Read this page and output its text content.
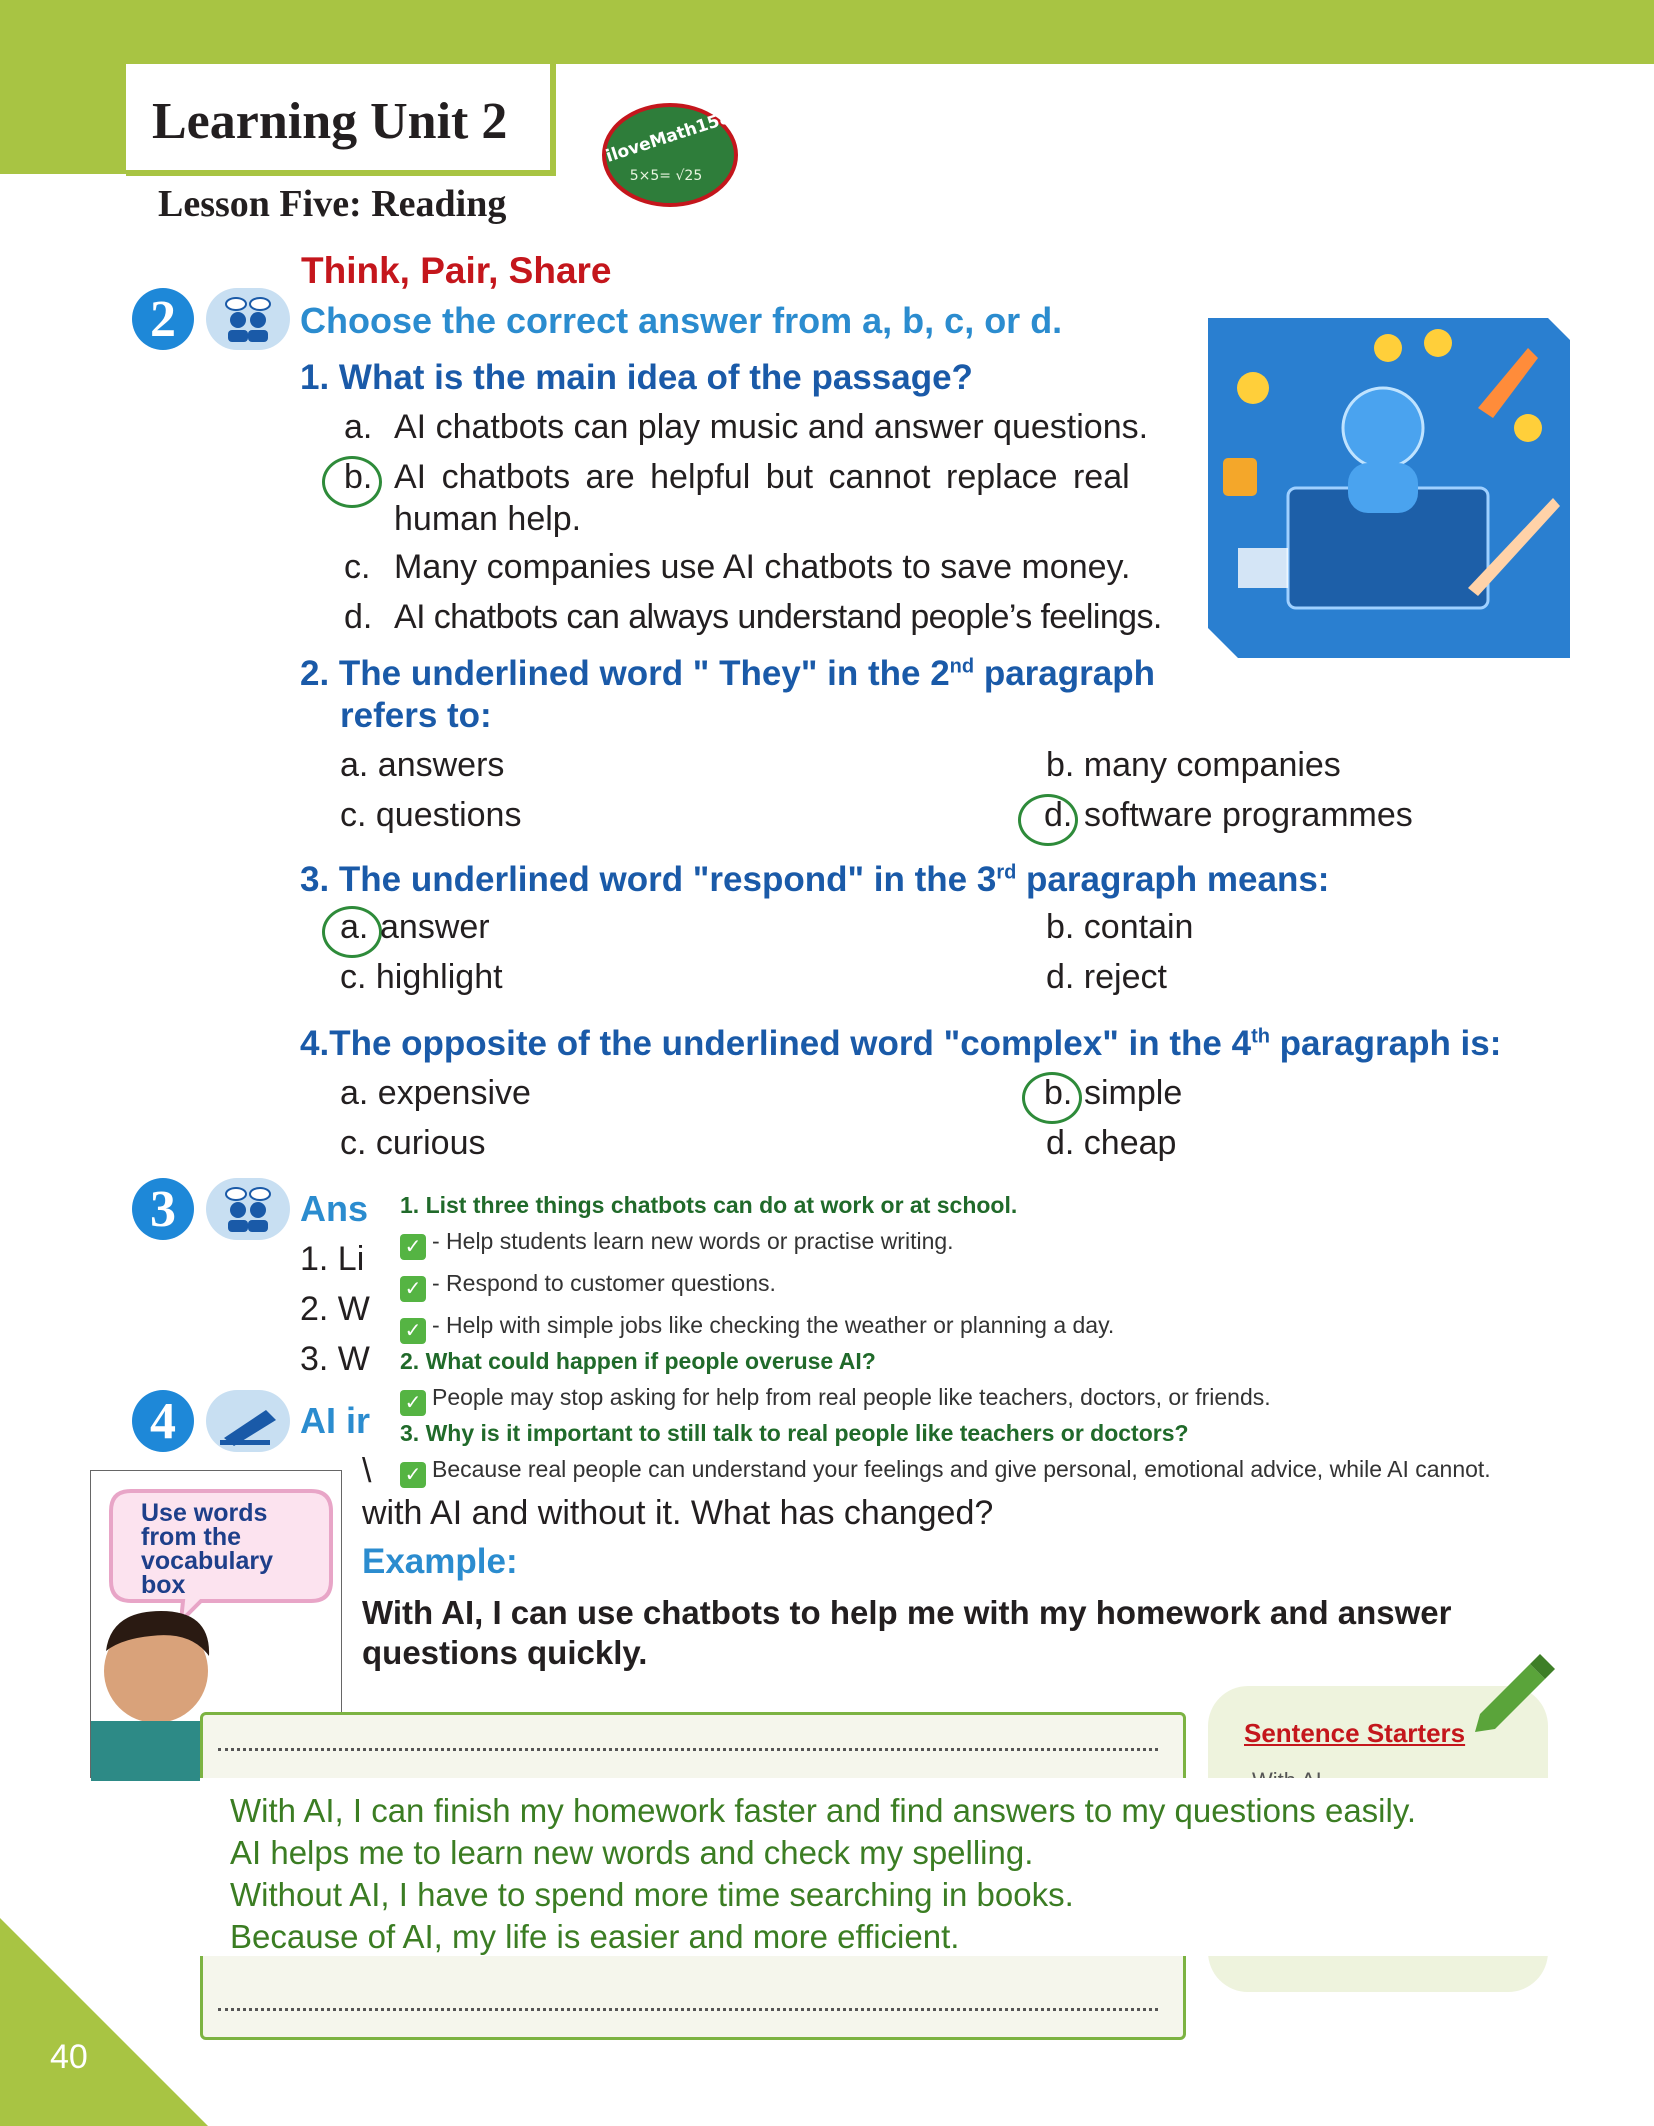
Learning Unit 2
Lesson Five: Reading
iloveMath158
5×5= √25
Think, Pair, Share
2	Choose the correct answer from a, b, c, or d.
1. What is the main idea of the passage?
a. AI chatbots can play music and answer questions.
b. AI chatbots are helpful but cannot replace real
human help.
c. Many companies use AI chatbots to save money.
d. AI chatbots can always understand people’s feelings.
2. The underlined word " They" in the 2nd paragraph
refers to:
a. answers	b. many companies
c. questions	d. software programmes
3. The underlined word "respond" in the 3rd paragraph means:
a. answer	b. contain
c. highlight	d. reject
4.The opposite of the underlined word "complex" in the 4th paragraph is:
a. expensive	b. simple
c. curious	d. cheap
3	Ans
1. Li
2. W
3. W
4	AI ir
\
with AI and without it. What has changed?
Example:
With AI, I can use chatbots to help me with my homework and answer
questions quickly.
Use words
from the
vocabulary
box
Sentence Starters
With AI, I can finish my homework faster and find answers to my questions easily.
AI helps me to learn new words and check my spelling.
Without AI, I have to spend more time searching in books.
Because of AI, my life is easier and more efficient.
1. List three things chatbots can do at work or at school.
✓ - Help students learn new words or practise writing.
✓ - Respond to customer questions.
✓ - Help with simple jobs like checking the weather or planning a day.
2. What could happen if people overuse AI?
✓ People may stop asking for help from real people like teachers, doctors, or friends.
3. Why is it important to still talk to real people like teachers or doctors?
✓ Because real people can understand your feelings and give personal, emotional advice, while AI cannot.
40
